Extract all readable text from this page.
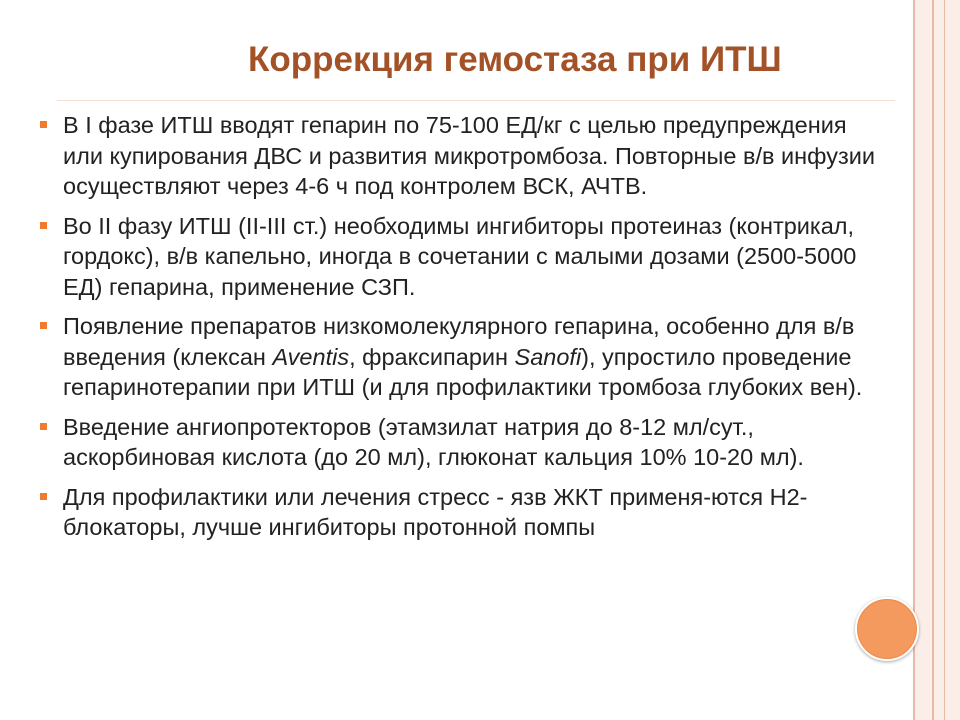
Коррекция гемостаза при ИТШ
В I фазе ИТШ вводят гепарин по 75-100 ЕД/кг с целью предупреждения или купирования ДВС и развития микротромбоза. Повторные в/в инфузии осуществляют через 4-6 ч под контролем ВСК, АЧТВ.
Во II фазу ИТШ (II-III ст.) необходимы ингибиторы протеиназ (контрикал, гордокс), в/в капельно, иногда в сочетании с малыми дозами (2500-5000 ЕД) гепарина, применение СЗП.
Появление препаратов низкомолекулярного гепарина, особенно для в/в введения (клексан Aventis, фраксипарин Sanofi), упростило проведение гепаринотерапии при ИТШ (и для профилактики тромбоза глубоких вен).
Введение ангиопротекторов (этамзилат натрия до 8-12 мл/сут., аскорбиновая кислота (до 20 мл), глюконат кальция 10% 10-20 мл).
Для профилактики или лечения стресс - язв ЖКТ применя-ются Н2-блокаторы, лучше ингибиторы протонной помпы
